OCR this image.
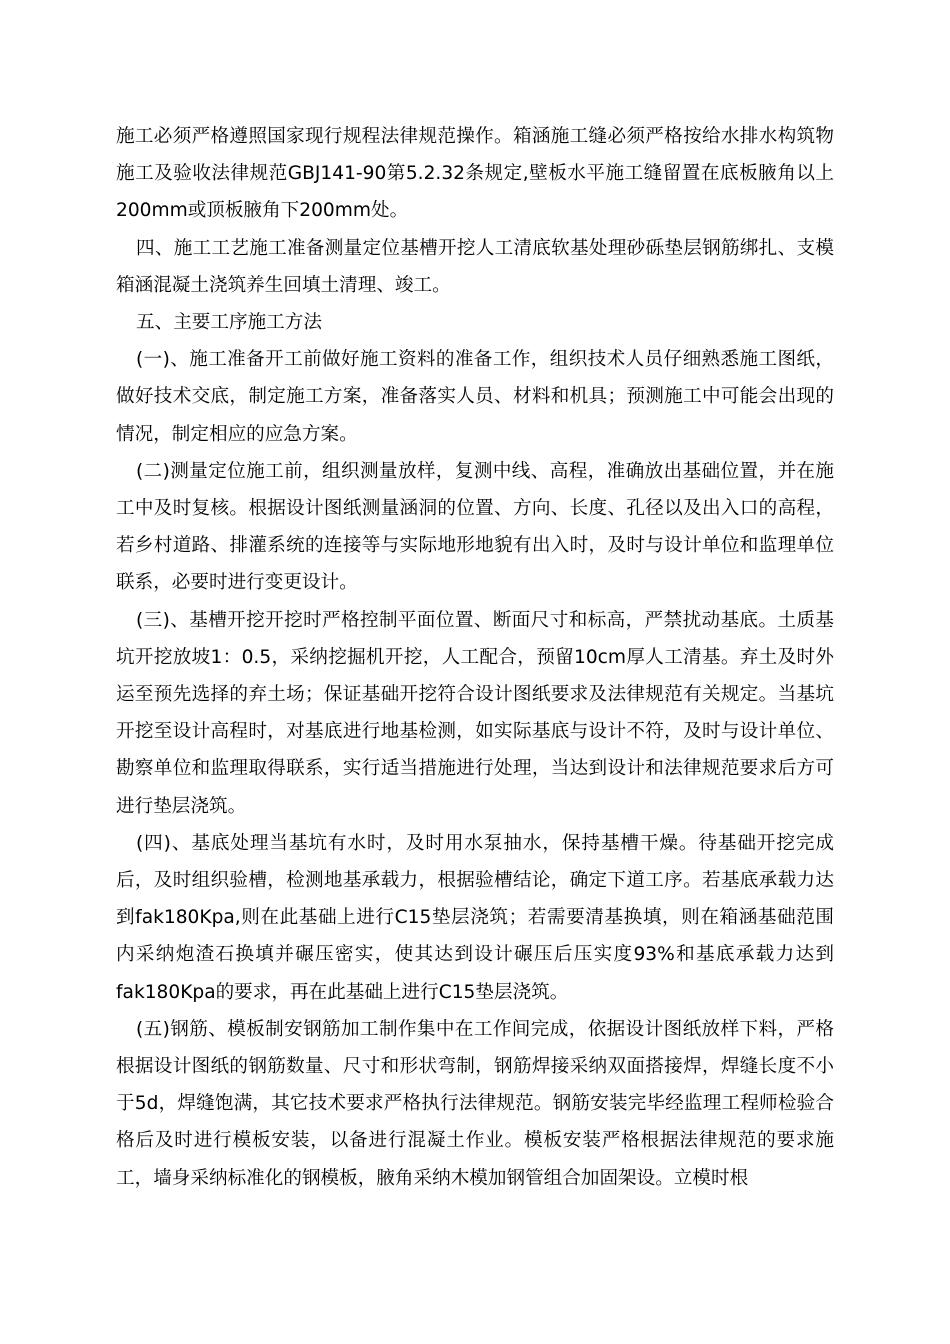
施工必须严格遵照国家现行规程法律规范操作。箱涵施工缝必须严格按给水排水构筑物施工及验收法律规范GBJ141-90第5.2.32条规定,壁板水平施工缝留置在底板腋角以上200mm或顶板腋角下200mm处。

四、施工工艺施工准备测量定位基槽开挖人工清底软基处理砂砾垫层钢筋绑扎、支模箱涵混凝土浇筑养生回填土清理、竣工。

五、主要工序施工方法

(一)、施工准备开工前做好施工资料的准备工作，组织技术人员仔细熟悉施工图纸，做好技术交底，制定施工方案，准备落实人员、材料和机具；预测施工中可能会出现的情况，制定相应的应急方案。

(二)测量定位施工前，组织测量放样，复测中线、高程，准确放出基础位置，并在施工中及时复核。根据设计图纸测量涵洞的位置、方向、长度、孔径以及出入口的高程，若乡村道路、排灌系统的连接等与实际地形地貌有出入时，及时与设计单位和监理单位联系，必要时进行变更设计。

(三)、基槽开挖开挖时严格控制平面位置、断面尺寸和标高，严禁扰动基底。土质基坑开挖放坡1：0.5，采纳挖掘机开挖，人工配合，预留10cm厚人工清基。弃土及时外运至预先选择的弃土场；保证基础开挖符合设计图纸要求及法律规范有关规定。当基坑开挖至设计高程时，对基底进行地基检测，如实际基底与设计不符，及时与设计单位、勘察单位和监理取得联系，实行适当措施进行处理，当达到设计和法律规范要求后方可进行垫层浇筑。

(四)、基底处理当基坑有水时，及时用水泵抽水，保持基槽干燥。待基础开挖完成后，及时组织验槽，检测地基承载力，根据验槽结论，确定下道工序。若基底承载力达到fak180Kpa,则在此基础上进行C15垫层浇筑；若需要清基换填，则在箱涵基础范围内采纳炮渣石换填并碾压密实，使其达到设计碾压后压实度93%和基底承载力达到fak180Kpa的要求，再在此基础上进行C15垫层浇筑。

(五)钢筋、模板制安钢筋加工制作集中在工作间完成，依据设计图纸放样下料，严格根据设计图纸的钢筋数量、尺寸和形状弯制，钢筋焊接采纳双面搭接焊，焊缝长度不小于5d，焊缝饱满，其它技术要求严格执行法律规范。钢筋安装完毕经监理工程师检验合格后及时进行模板安装，以备进行混凝土作业。模板安装严格根据法律规范的要求施工，墙身采纳标准化的钢模板，腋角采纳木模加钢管组合加固架设。立模时根
